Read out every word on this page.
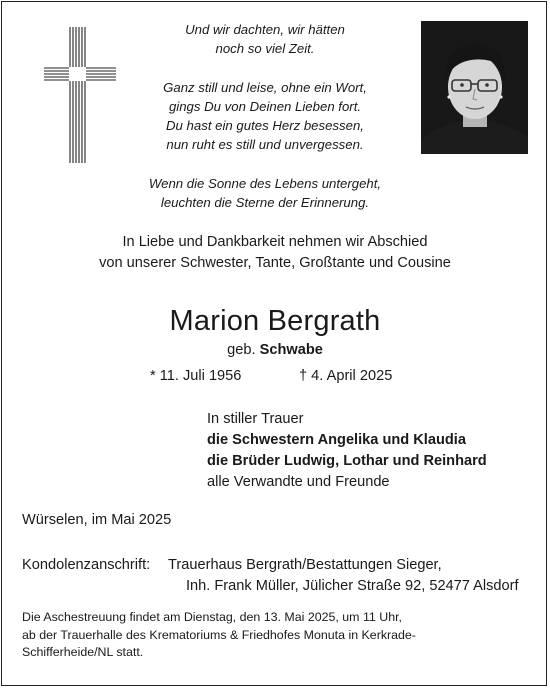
Und wir dachten, wir hätten
noch so viel Zeit.
Ganz still und leise, ohne ein Wort,
gings Du von Deinen Lieben fort.
Du hast ein gutes Herz besessen,
nun ruht es still und unvergessen.
Wenn die Sonne des Lebens untergeht,
leuchten die Sterne der Erinnerung.
In Liebe und Dankbarkeit nehmen wir Abschied
von unserer Schwester, Tante, Großtante und Cousine
Marion Bergrath
geb. Schwabe
* 11. Juli 1956	† 4. April 2025
In stiller Trauer
die Schwestern Angelika und Klaudia
die Brüder Ludwig, Lothar und Reinhard
alle Verwandte und Freunde
Würselen, im Mai 2025
Kondolenzanschrift: Trauerhaus Bergrath/Bestattungen Sieger,
Inh. Frank Müller, Jülicher Straße 92, 52477 Alsdorf
Die Aschestreuung findet am Dienstag, den 13. Mai 2025, um 11 Uhr,
ab der Trauerhalle des Krematoriums & Friedhofes Monuta in Kerkrade-
Schifferheide/NL statt.
